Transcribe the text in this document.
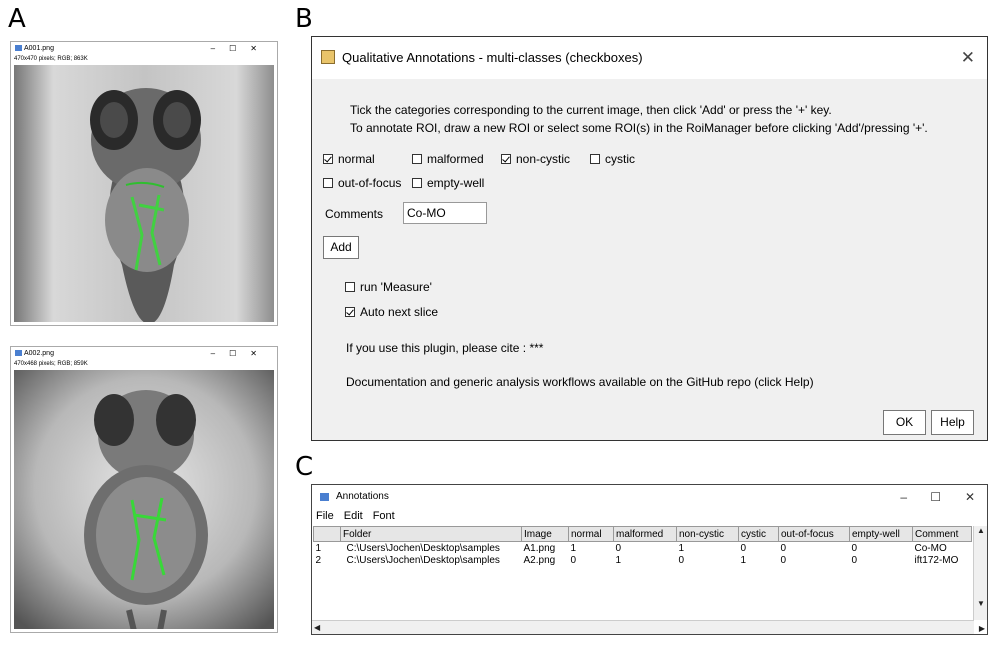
A	B
C
A001.png	–☐✕
470x470 pixels; RGB; 863K
A002.png	–☐✕
470x468 pixels; RGB; 859K
Qualitative Annotations - multi-classes (checkboxes)	✕
Tick the categories corresponding to the current image, then click 'Add' or press the '+' key.
To annotate ROI, draw a new ROI or select some ROI(s) in the RoiManager before clicking 'Add'/pressing '+'.
normal	malformed	non-cystic	cystic
out-of-focus	empty-well
Comments	Co-MO
Add
run 'Measure'
Auto next slice
If you use this plugin, please cite : ***
Documentation and generic analysis workflows available on the GitHub repo (click Help)
OK	Help
Annotations	– ☐ ✕
File Edit Font
	Folder	Image	normal	malformed	non-cystic	cystic	out-of-focus	empty-well	Comment
1	C:\Users\Jochen\Desktop\samples	A1.png	1	0	1	0	0	0	Co-MO
2	C:\Users\Jochen\Desktop\samples	A2.png	0	1	0	1	0	0	ift172-MO
▲
▼
◀	▶
